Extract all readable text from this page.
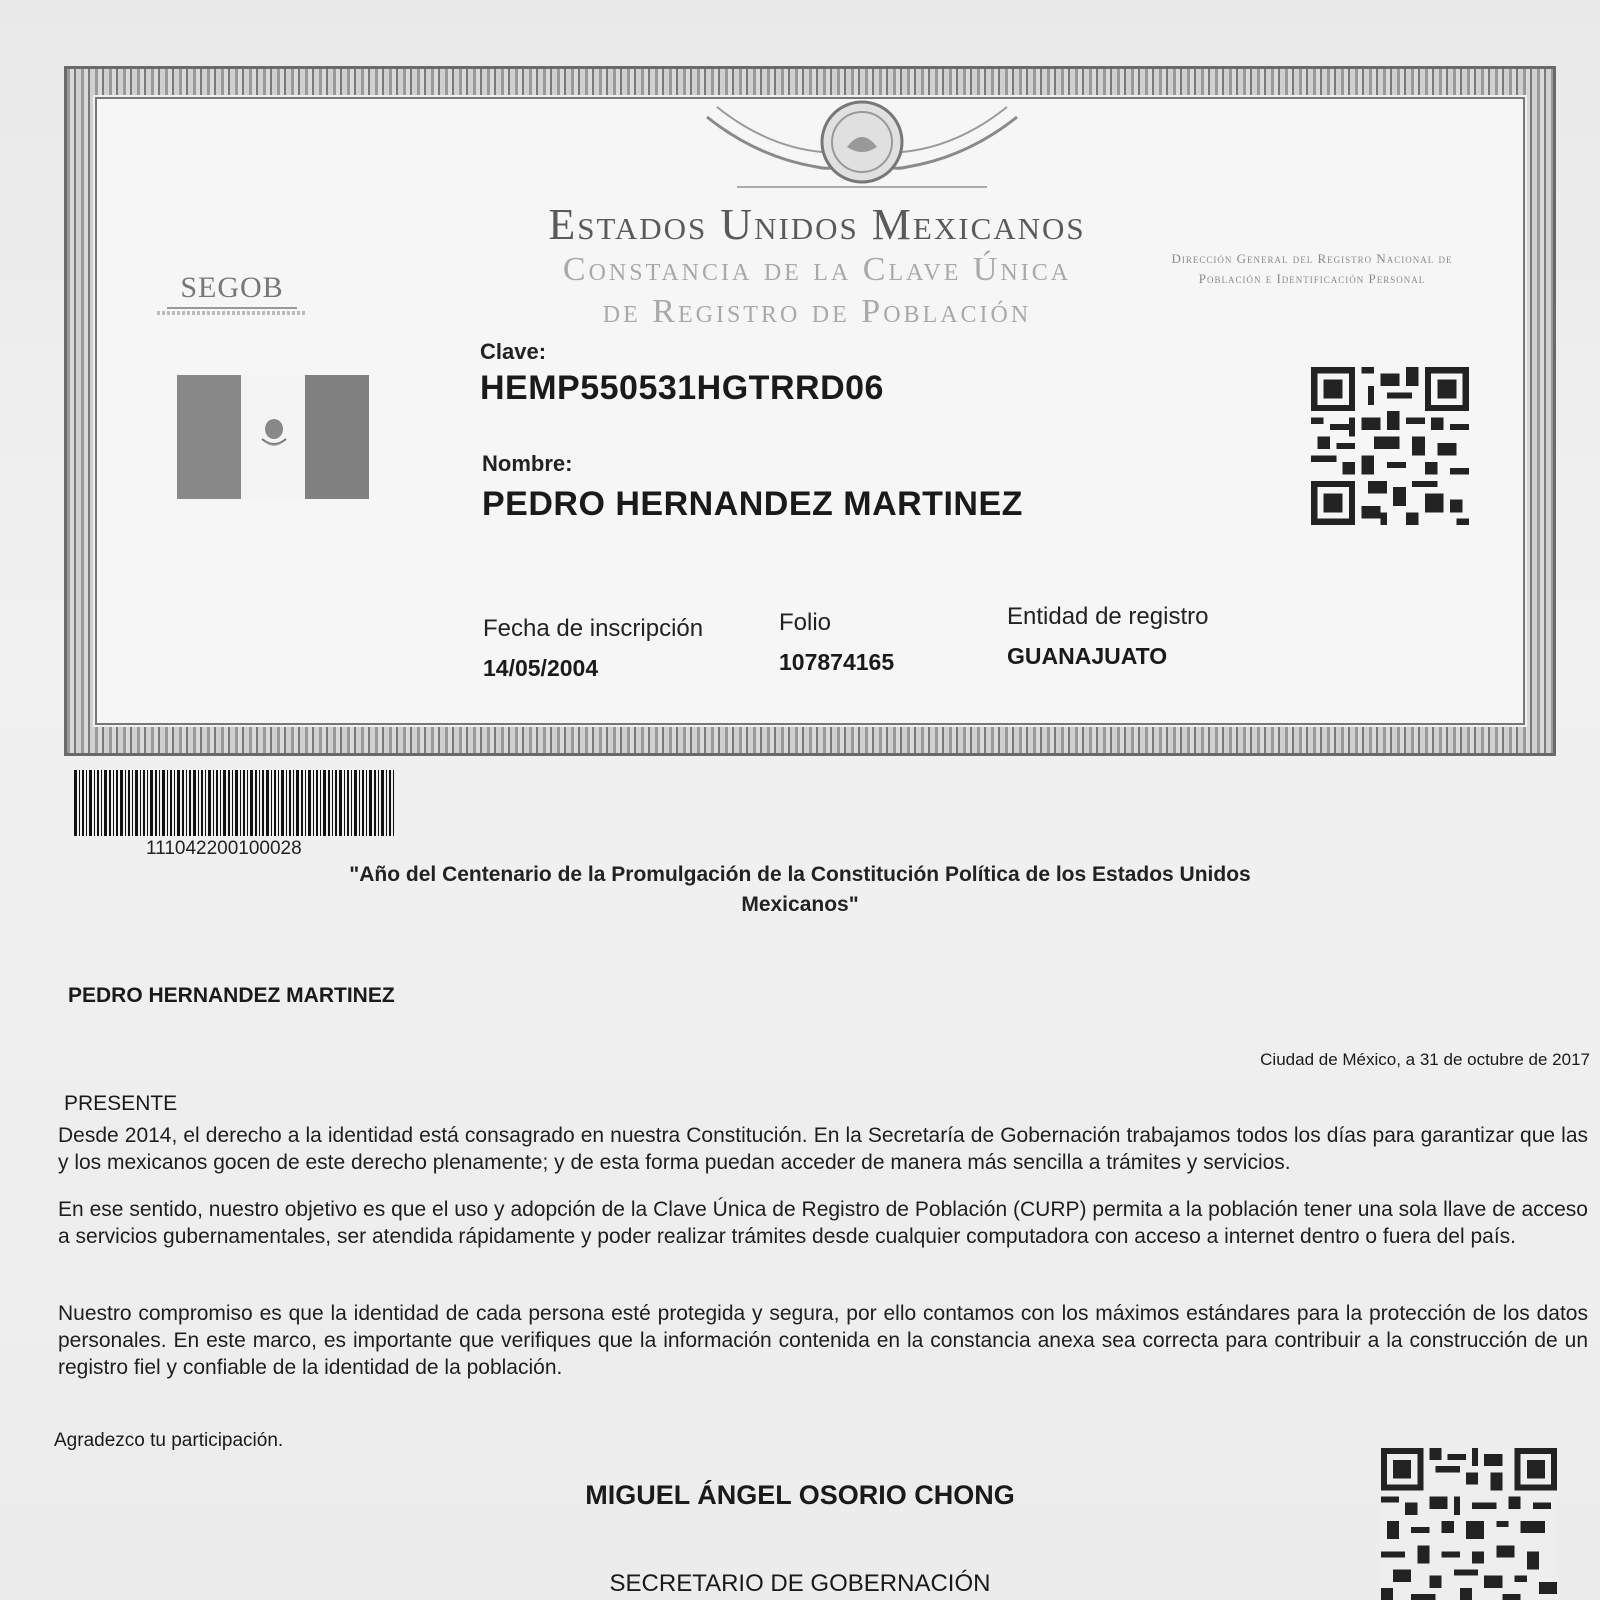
Estados Unidos Mexicanos
Constancia de la Clave Única
de Registro de Población
SEGOB
Dirección General del Registro Nacional de Población e Identificación Personal
Clave:
HEMP550531HGTRRD06
Nombre:
PEDRO HERNANDEZ MARTINEZ
Fecha de inscripción
14/05/2004
Folio
107874165
Entidad de registro
GUANAJUATO
111042200100028
"Año del Centenario de la Promulgación de la Constitución Política de los Estados Unidos Mexicanos"
PEDRO HERNANDEZ MARTINEZ
Ciudad de México, a 31 de octubre de 2017
PRESENTE
Desde 2014, el derecho a la identidad está consagrado en nuestra Constitución. En la Secretaría de Gobernación trabajamos todos los días para garantizar que las y los mexicanos gocen de este derecho plenamente; y de esta forma puedan acceder de manera más sencilla a trámites y servicios.
En ese sentido, nuestro objetivo es que el uso y adopción de la Clave Única de Registro de Población (CURP) permita a la población tener una sola llave de acceso a servicios gubernamentales, ser atendida rápidamente y poder realizar trámites desde cualquier computadora con acceso a internet dentro o fuera del país.
Nuestro compromiso es que la identidad de cada persona esté protegida y segura, por ello contamos con los máximos estándares para la protección de los datos personales. En este marco, es importante que verifiques que la información contenida en la constancia anexa sea correcta para contribuir a la construcción de un registro fiel y confiable de la identidad de la población.
Agradezco tu participación.
MIGUEL ÁNGEL OSORIO CHONG
SECRETARIO DE GOBERNACIÓN
